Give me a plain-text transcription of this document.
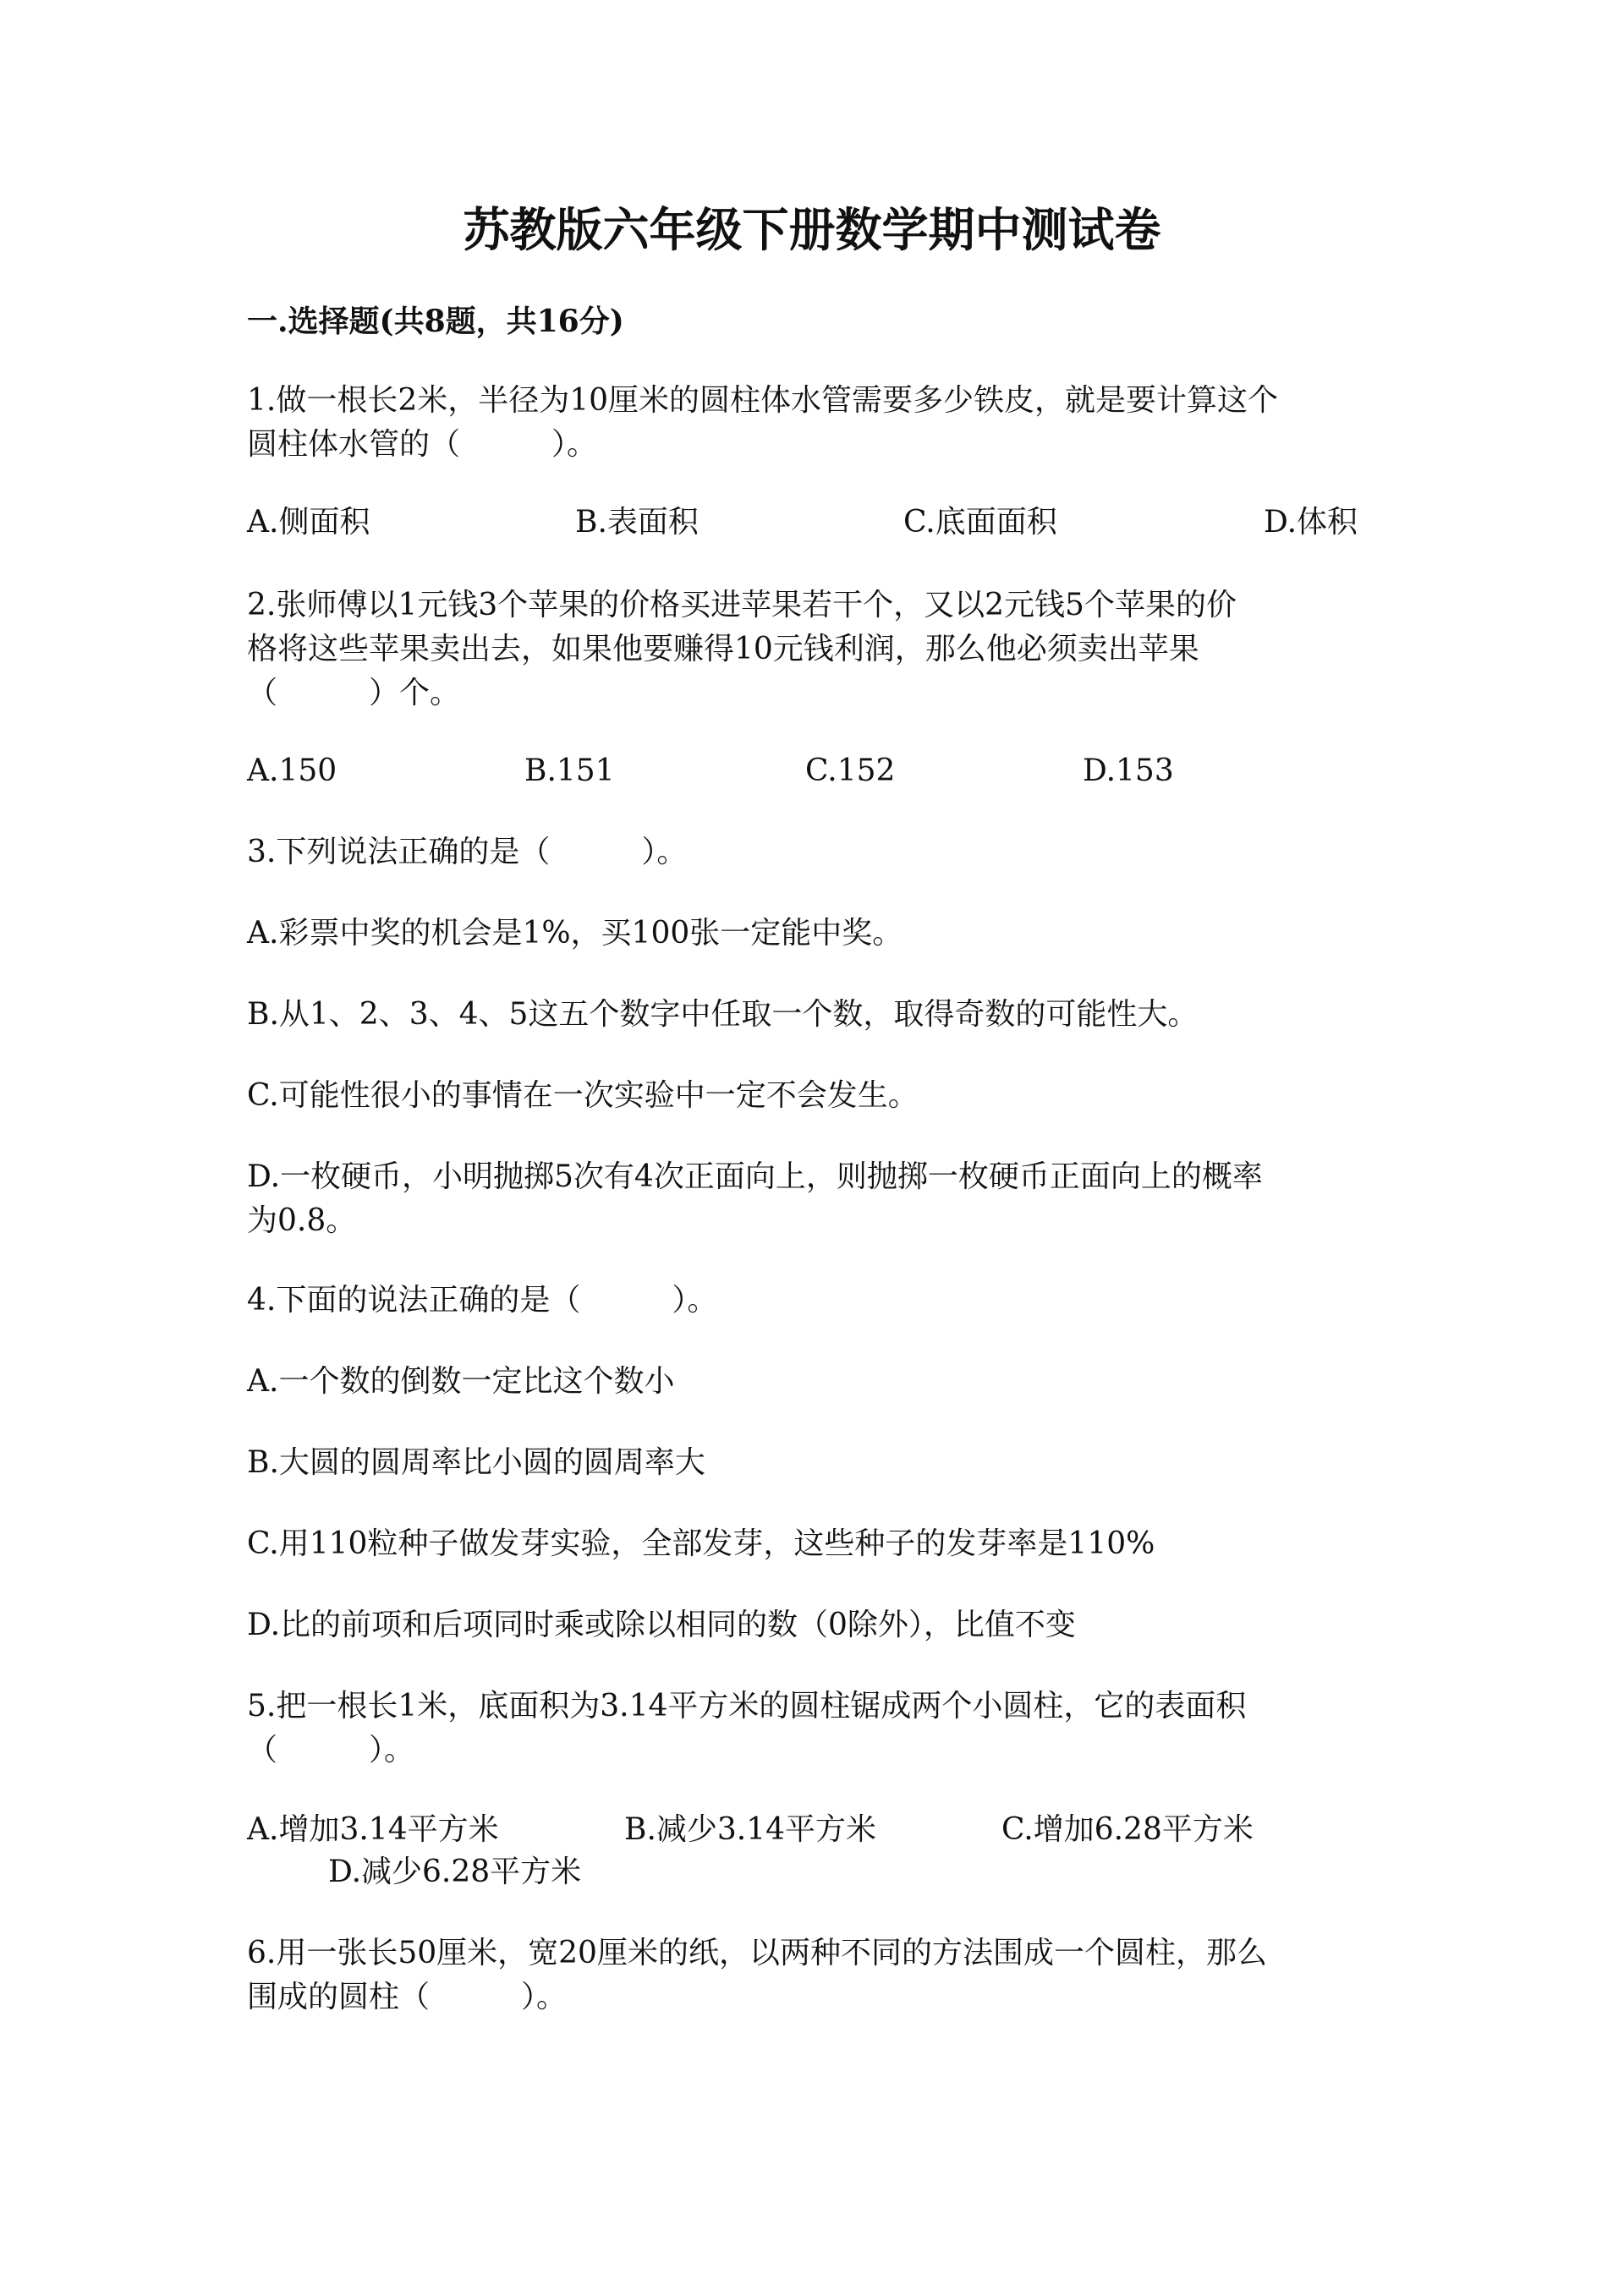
苏教版六年级下册数学期中测试卷
一.选择题(共8题，共16分)
1.做一根长2米，半径为10厘米的圆柱体水管需要多少铁皮，就是要计算这个
圆柱体水管的（　　　）。
A.侧面积	B.表面积	C.底面面积	D.体积
2.张师傅以1元钱3个苹果的价格买进苹果若干个，又以2元钱5个苹果的价
格将这些苹果卖出去，如果他要赚得10元钱利润，那么他必须卖出苹果
（　　　）个。
A.150	B.151	C.152	D.153
3.下列说法正确的是（　　　）。
A.彩票中奖的机会是1%，买100张一定能中奖。
B.从1、2、3、4、5这五个数字中任取一个数，取得奇数的可能性大。
C.可能性很小的事情在一次实验中一定不会发生。
D.一枚硬币，小明抛掷5次有4次正面向上，则抛掷一枚硬币正面向上的概率
为0.8。
4.下面的说法正确的是（　　　）。
A.一个数的倒数一定比这个数小
B.大圆的圆周率比小圆的圆周率大
C.用110粒种子做发芽实验，全部发芽，这些种子的发芽率是110%
D.比的前项和后项同时乘或除以相同的数（0除外），比值不变
5.把一根长1米，底面积为3.14平方米的圆柱锯成两个小圆柱，它的表面积
（　　　）。
A.增加3.14平方米	B.减少3.14平方米	C.增加6.28平方米
D.减少6.28平方米
6.用一张长50厘米，宽20厘米的纸，以两种不同的方法围成一个圆柱，那么
围成的圆柱（　　　）。
